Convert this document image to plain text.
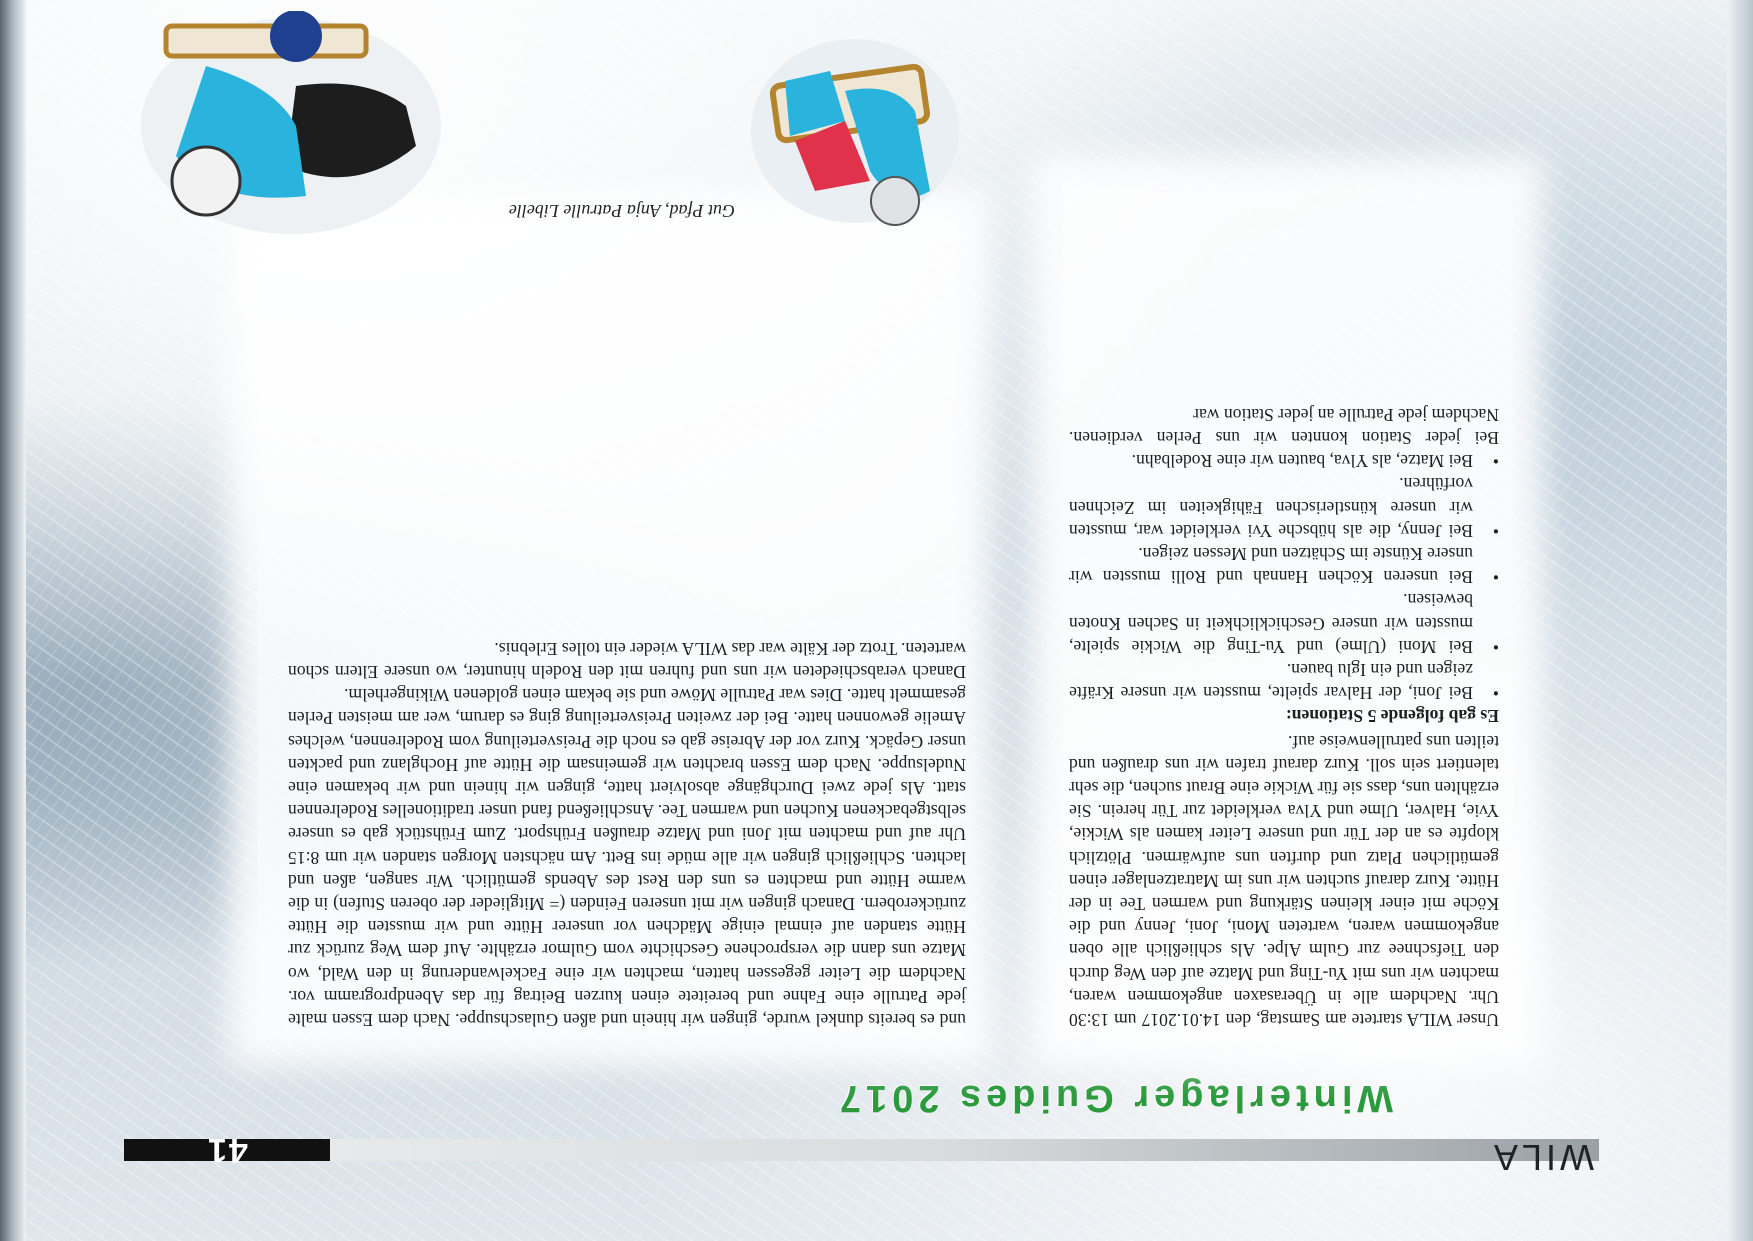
WILA
41
Winterlager Guides 2017

Unser WILA startete am Samstag, den 14.01.2017 um 13:30 Uhr. Nachdem alle in Überasaxen angekommen waren, machten wir uns mit Yu-Ting und Matze auf den Weg durch den Tiefschnee zur Gulm Alpe. Als schließlich alle oben angekommen waren, warteten Moni, Joni, Jenny und die Köche mit einer kleinen Stärkung und warmen Tee in der Hütte. Kurz darauf suchten wir uns im Matratzenlager einen gemütlichen Platz und durften uns aufwärmen. Plötzlich klopfte es an der Tür und unsere Leiter kamen als Wickie, Yvie, Halver, Ulme und Ylva verkleidet zur Tür herein. Sie erzählten uns, dass sie für Wickie eine Braut suchen, die sehr talentiert sein soll. Kurz darauf trafen wir uns draußen und teilten uns patrullenweise auf.

Es gab folgende 5 Stationen:

• Bei Joni, der Halvar spielte, mussten wir unsere Kräfte zeigen und ein Iglu bauen.
• Bei Moni (Ulme) und Yu-Ting die Wickie spielte, mussten wir unsere Geschicklichkeit in Sachen Knoten beweisen.
• Bei unseren Köchen Hannah und Rolli mussten wir unsere Künste im Schätzen und Messen zeigen.
• Bei Jenny, die als hübsche Yvi verkleidet war, mussten wir unsere künstlerischen Fähigkeiten im Zeichnen vorführen.
• Bei Matze, als Ylva, bauten wir eine Rodelbahn.

Bei jeder Station konnten wir uns Perlen verdienen. Nachdem jede Patrulle an jeder Station war

und es bereits dunkel wurde, gingen wir hinein und aßen Gulaschsuppe. Nach dem Essen malte jede Patrulle eine Fahne und bereitete einen kurzen Beitrag für das Abendprogramm vor. Nachdem die Leiter gegessen hatten, machten wir eine Fackelwanderung in den Wald, wo Matze uns dann die versprochene Geschichte vom Gulmor erzählte. Auf dem Weg zurück zur Hütte standen auf einmal einige Mädchen vor unserer Hütte und wir mussten die Hütte zurückerobern. Danach gingen wir mit unseren Feinden (= Mitglieder der oberen Stufen) in die warme Hütte und machten es uns den Rest des Abends gemütlich. Wir sangen, aßen und lachten. Schließlich gingen wir alle müde ins Bett. Am nächsten Morgen standen wir um 8:15 Uhr auf und machten mit Joni und Matze draußen Frühsport. Zum Frühstück gab es unsere selbstgebackenen Kuchen und warmen Tee. Anschließend fand unser traditionelles Rodelrennen statt. Als jede zwei Durchgänge absolviert hatte, gingen wir hinein und wir bekamen eine Nudelsuppe. Nach dem Essen brachten wir gemeinsam die Hütte auf Hochglanz und packten unser Gepäck. Kurz vor der Abreise gab es noch die Preisverteilung vom Rodelrennen, welches Amelie gewonnen hatte. Bei der zweiten Preisverteilung ging es darum, wer am meisten Perlen gesammelt hatte. Dies war Patrulle Möwe und sie bekam einen goldenen Wikingerhelm.

Danach verabschiedeten wir uns und fuhren mit den Rodeln hinunter, wo unsere Eltern schon warteten. Trotz der Kälte war das WILA wieder ein tolles Erlebnis.

Gut Pfad, Anja Patrulle Libelle
